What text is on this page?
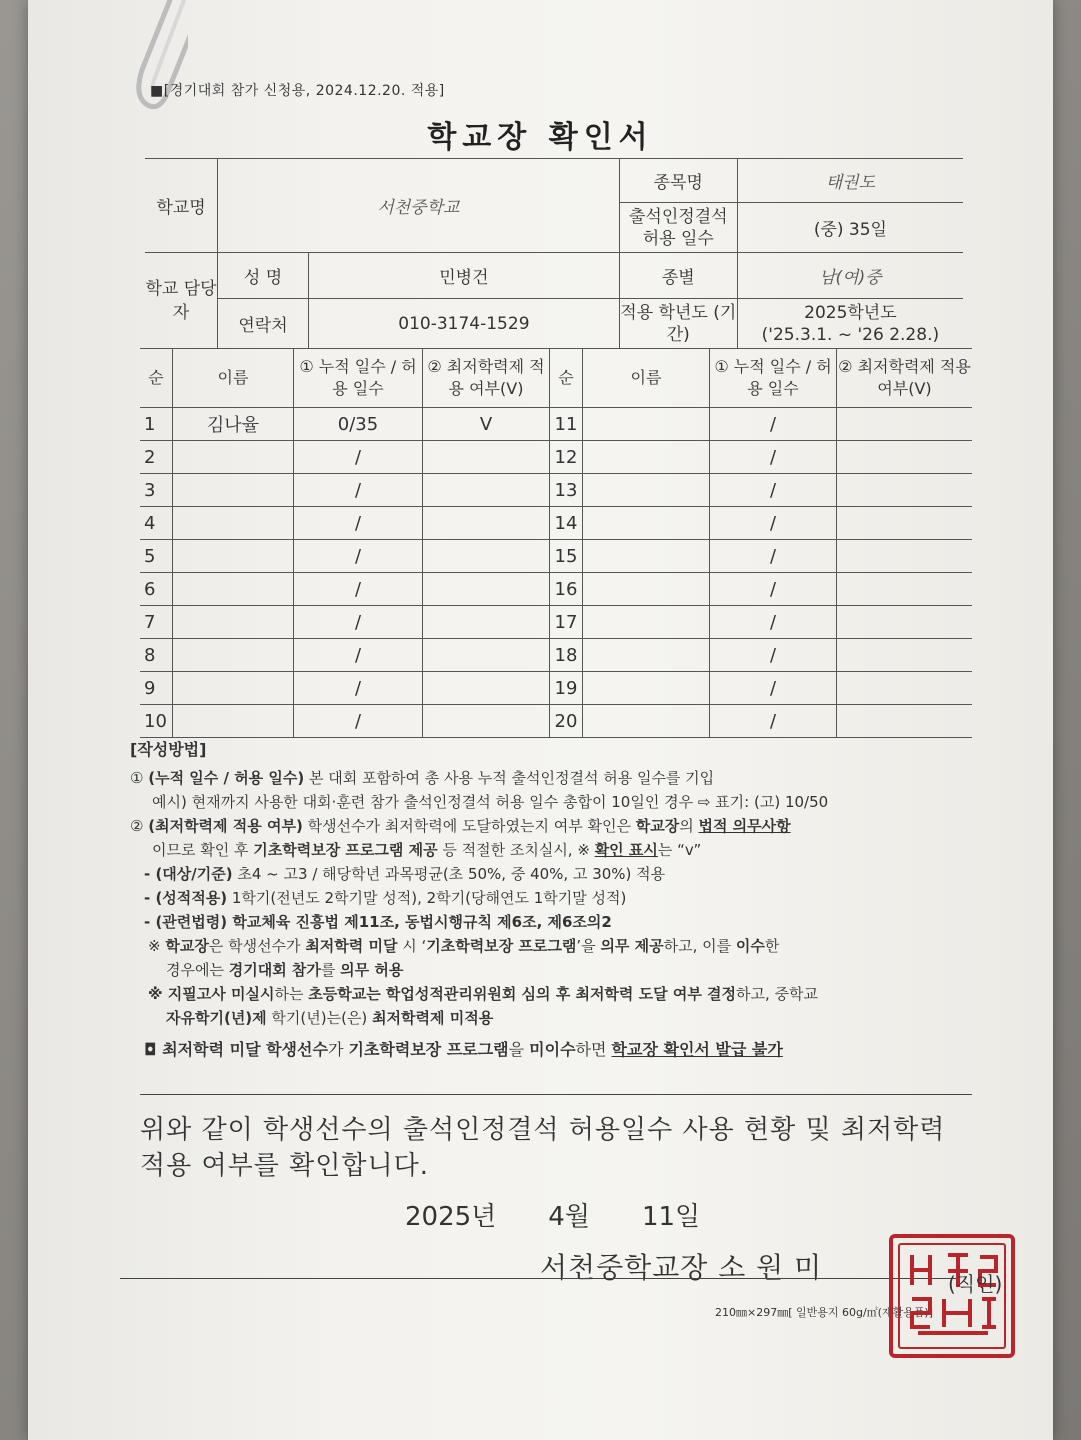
■[경기대회 참가 신청용, 2024.12.20. 적용]
학교장 확인서
학교명	서천중학교		종목명	태권도
			출석인정결석 허용 일수	(중) 35일
학교 담당자	성 명	민병건	종별	남(여)중
	연락처	010-3174-1529	적용 학년도 (기간)	2025학년도
('25.3.1. ~ '26 2.28.)
순	이름	① 누적 일수 / 허용 일수	② 최저학력제 적용 여부(V)	순	이름	① 누적 일수 / 허용 일수	② 최저학력제 적용 여부(V)
1	김나율	0/35	V	11		/	
2		/		12		/	
3		/		13		/	
4		/		14		/	
5		/		15		/	
6		/		16		/	
7		/		17		/	
8		/		18		/	
9		/		19		/	
10		/		20		/	

[작성방법]

① (누적 일수 / 허용 일수) 본 대회 포함하여 총 사용 누적 출석인정결석 허용 일수를 기입

예시) 현재까지 사용한 대회·훈련 참가 출석인정결석 허용 일수 총합이 10일인 경우 ⇨ 표기: (고) 10/50

② (최저학력제 적용 여부) 학생선수가 최저학력에 도달하였는지 여부 확인은 학교장의 법적 의무사항

이므로 확인 후 기초학력보장 프로그램 제공 등 적절한 조치실시, ※ 확인 표시는 “v”

- (대상/기준) 초4 ~ 고3 / 해당학년 과목평균(초 50%, 중 40%, 고 30%) 적용

- (성적적용) 1학기(전년도 2학기말 성적), 2학기(당해연도 1학기말 성적)

- (관련법령) 학교체육 진흥법 제11조, 동법시행규칙 제6조, 제6조의2

※ 학교장은 학생선수가 최저학력 미달 시 ‘기초학력보장 프로그램’을 의무 제공하고, 이를 이수한

경우에는 경기대회 참가를 의무 허용

※ 지필고사 미실시하는 초등학교는 학업성적관리위원회 심의 후 최저학력 도달 여부 결정하고, 중학교

자유학기(년)제 학기(년)는(은) 최저학력제 미적용

◘ 최저학력 미달 학생선수가 기초학력보장 프로그램을 미이수하면 학교장 확인서 발급 불가

위와 같이 학생선수의 출석인정결석 허용일수 사용 현황 및 최저학력 적용 여부를 확인합니다.
2025년 4월 11일
서천중학교장 소 원 미
210㎜×297㎜[ 일반용지 60g/㎡(재활용품)]
(직인)
